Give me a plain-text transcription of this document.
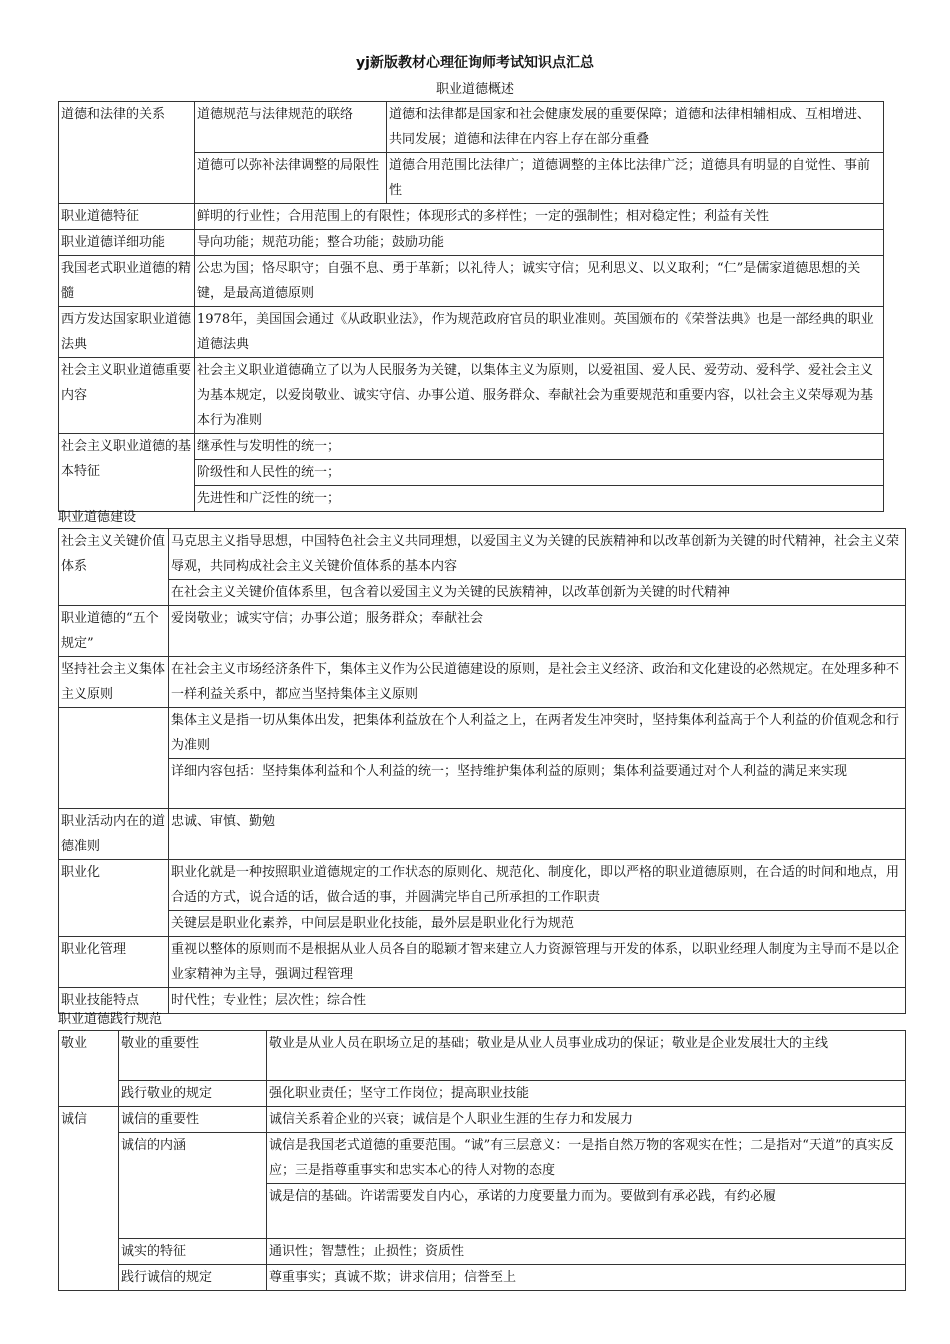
yj新版教材心理征询师考试知识点汇总
职业道德概述
道德和法律的关系	道德规范与法律规范的联络	道德和法律都是国家和社会健康发展的重要保障；道德和法律相辅相成、互相增进、共同发展；道德和法律在内容上存在部分重叠
	道德可以弥补法律调整的局限性	道德合用范围比法律广；道德调整的主体比法律广泛；道德具有明显的自觉性、事前性
职业道德特征	鲜明的行业性；合用范围上的有限性；体现形式的多样性；一定的强制性；相对稳定性；利益有关性	
职业道德详细功能	导向功能；规范功能；整合功能；鼓励功能	
我国老式职业道德的精髓	公忠为国；恪尽职守；自强不息、勇于革新；以礼待人；诚实守信；见利思义、以义取利；“仁”是儒家道德思想的关键，是最高道德原则	
西方发达国家职业道德法典	1978年，美国国会通过《从政职业法》，作为规范政府官员的职业准则。英国颁布的《荣誉法典》也是一部经典的职业道德法典	
社会主义职业道德重要内容	社会主义职业道德确立了以为人民服务为关键，以集体主义为原则，以爱祖国、爱人民、爱劳动、爱科学、爱社会主义为基本规定，以爱岗敬业、诚实守信、办事公道、服务群众、奉献社会为重要规范和重要内容，以社会主义荣辱观为基本行为准则	
社会主义职业道德的基本特征	继承性与发明性的统一；	
	阶级性和人民性的统一；	
	先进性和广泛性的统一；	
职业道德建设
社会主义关键价值体系	马克思主义指导思想，中国特色社会主义共同理想，以爱国主义为关键的民族精神和以改革创新为关键的时代精神，社会主义荣辱观，共同构成社会主义关键价值体系的基本内容
	在社会主义关键价值体系里，包含着以爱国主义为关键的民族精神，以改革创新为关键的时代精神
职业道德的“五个规定”	爱岗敬业；诚实守信；办事公道；服务群众；奉献社会
坚持社会主义集体主义原则	在社会主义市场经济条件下，集体主义作为公民道德建设的原则，是社会主义经济、政治和文化建设的必然规定。在处理多种不一样利益关系中，都应当坚持集体主义原则
	集体主义是指一切从集体出发，把集体利益放在个人利益之上，在两者发生冲突时，坚持集体利益高于个人利益的价值观念和行为准则
	详细内容包括：坚持集体利益和个人利益的统一；坚持维护集体利益的原则；集体利益要通过对个人利益的满足来实现
职业活动内在的道德准则	忠诚、审慎、勤勉
职业化	职业化就是一种按照职业道德规定的工作状态的原则化、规范化、制度化，即以严格的职业道德原则，在合适的时间和地点，用合适的方式，说合适的话，做合适的事，并圆满完毕自己所承担的工作职责
	关键层是职业化素养，中间层是职业化技能，最外层是职业化行为规范
职业化管理	重视以整体的原则而不是根据从业人员各自的聪颖才智来建立人力资源管理与开发的体系，以职业经理人制度为主导而不是以企业家精神为主导，强调过程管理
职业技能特点	时代性；专业性；层次性；综合性
职业道德践行规范
敬业	敬业的重要性	敬业是从业人员在职场立足的基础；敬业是从业人员事业成功的保证；敬业是企业发展壮大的主线
	践行敬业的规定	强化职业责任；坚守工作岗位；提高职业技能
诚信	诚信的重要性	诚信关系着企业的兴衰；诚信是个人职业生涯的生存力和发展力
	诚信的内涵	诚信是我国老式道德的重要范围。“诚”有三层意义：一是指自然万物的客观实在性；二是指对“天道”的真实反应；三是指尊重事实和忠实本心的待人对物的态度
		诚是信的基础。许诺需要发自内心，承诺的力度要量力而为。要做到有承必践，有约必履
	诚实的特征	通识性；智慧性；止损性；资质性
	践行诚信的规定	尊重事实；真诚不欺；讲求信用；信誉至上
